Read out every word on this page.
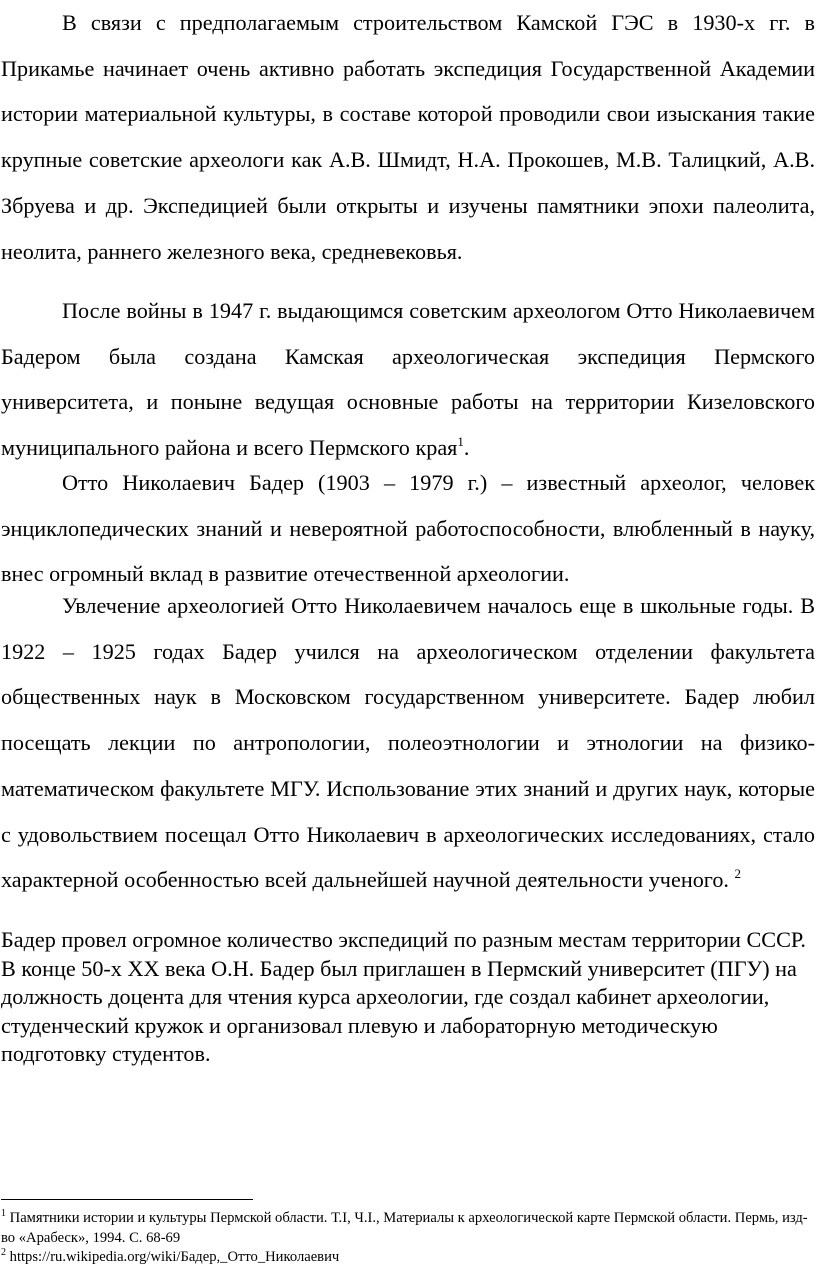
В связи с предполагаемым строительством Камской ГЭС в 1930-х гг. в Прикамье начинает очень активно работать экспедиция Государственной Академии истории материальной культуры, в составе которой проводили свои изыскания такие крупные советские археологи как А.В. Шмидт, Н.А. Прокошев, М.В. Талицкий, А.В. Збруева и др. Экспедицией были открыты и изучены памятники эпохи палеолита, неолита, раннего железного века, средневековья.

После войны в 1947 г. выдающимся советским археологом Отто Николаевичем Бадером была создана Камская археологическая экспедиция Пермского университета, и поныне ведущая основные работы на территории Кизеловского муниципального района и всего Пермского края$^1$.

Отто Николаевич Бадер (1903 – 1979 г.) – известный археолог, человек энциклопедических знаний и невероятной работоспособности, влюбленный в науку, внес огромный вклад в развитие отечественной археологии.

Увлечение археологией Отто Николаевичем началось еще в школьные годы. В 1922 – 1925 годах Бадер учился на археологическом отделении факультета общественных наук в Московском государственном университете. Бадер любил посещать лекции по антропологии, полеоэтнологии и этнологии на физико-математическом факультете МГУ. Использование этих знаний и других наук, которые с удовольствием посещал Отто Николаевич в археологических исследованиях, стало характерной особенностью всей дальнейшей научной деятельности ученого. $^2$

Бадер провел огромное количество экспедиций по разным местам территории СССР. В конце 50-х XX века О.Н. Бадер был приглашен в Пермский университет (ПГУ) на должность доцента для чтения курса археологии, где создал кабинет археологии, студенческий кружок и организовал плевую и лабораторную методическую подготовку студентов.

$^1$ Памятники истории и культуры Пермской области. Т.I, Ч.I., Материалы к археологической карте Пермской области. Пермь, изд-во «Арабеск», 1994. С. 68-69

$^2$ https://ru.wikipedia.org/wiki/Бадер,_Отто_Николаевич
